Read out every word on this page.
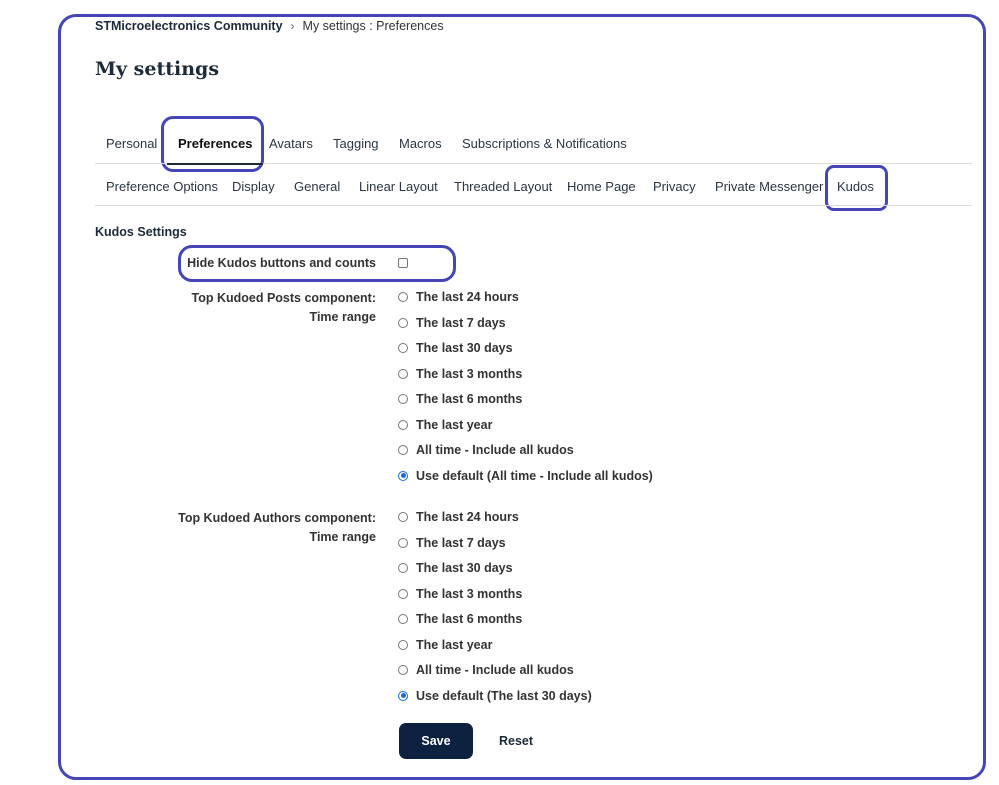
STMicroelectronics Community › My settings : Preferences
My settings
Personal Preferences Avatars Tagging Macros Subscriptions & Notifications
Preference Options Display General Linear Layout Threaded Layout Home Page Privacy Private Messenger Kudos
Kudos Settings
Hide Kudos buttons and counts
Top Kudoed Posts component:
Time range
The last 24 hours
The last 7 days
The last 30 days
The last 3 months
The last 6 months
The last year
All time - Include all kudos
Use default (All time - Include all kudos)
Top Kudoed Authors component:
Time range
The last 24 hours
The last 7 days
The last 30 days
The last 3 months
The last 6 months
The last year
All time - Include all kudos
Use default (The last 30 days)
Save	Reset
